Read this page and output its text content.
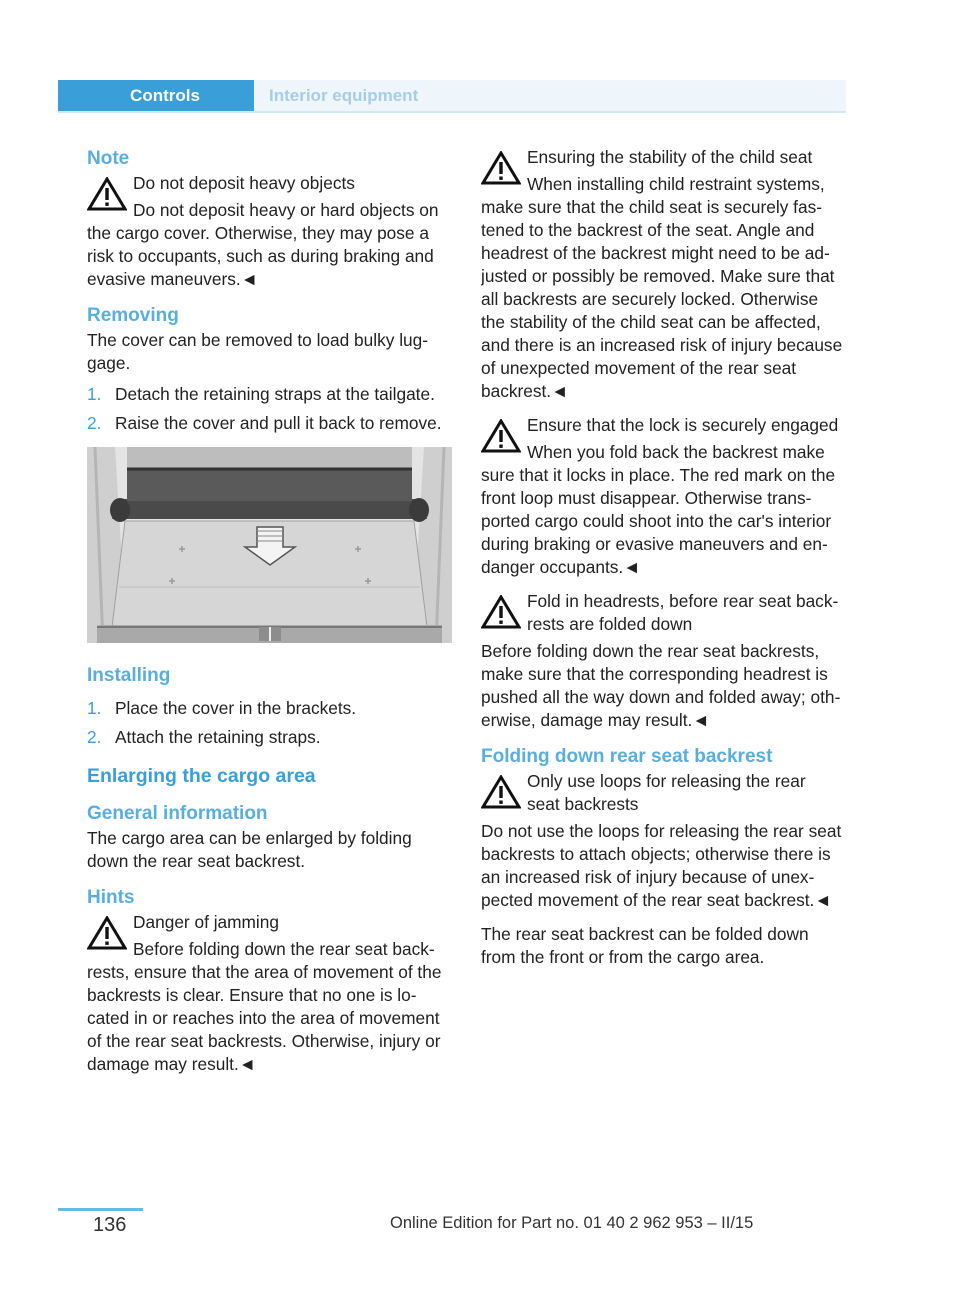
Controls	Interior equipment
Note

Do not deposit heavy objects

Do not deposit heavy or hard objects on the cargo cover. Otherwise, they may pose a risk to occupants, such as during braking and evasive maneuvers.◄

Removing

The cover can be removed to load bulky luggage.

1. Detach the retaining straps at the tailgate.
2. Raise the cover and pull it back to remove.
Installing
1. Place the cover in the brackets.
2. Attach the retaining straps.
Enlarging the cargo area
General information

The cargo area can be enlarged by folding down the rear seat backrest.

Hints

Danger of jamming

Before folding down the rear seat backrests, ensure that the area of movement of the backrests is clear. Ensure that no one is located in or reaches into the area of movement of the rear seat backrests. Otherwise, injury or damage may result.◄

Ensuring the stability of the child seat

When installing child restraint systems, make sure that the child seat is securely fastened to the backrest of the seat. Angle and headrest of the backrest might need to be adjusted or possibly be removed. Make sure that all backrests are securely locked. Otherwise the stability of the child seat can be affected, and there is an increased risk of injury because of unexpected movement of the rear seat backrest.◄

Ensure that the lock is securely engaged

When you fold back the backrest make sure that it locks in place. The red mark on the front loop must disappear. Otherwise transported cargo could shoot into the car's interior during braking or evasive maneuvers and endanger occupants.◄

Fold in headrests, before rear seat backrests are folded down

Before folding down the rear seat backrests, make sure that the corresponding headrest is pushed all the way down and folded away; otherwise, damage may result.◄

Folding down rear seat backrest

Only use loops for releasing the rear seat backrests

Do not use the loops for releasing the rear seat backrests to attach objects; otherwise there is an increased risk of injury because of unexpected movement of the rear seat backrest.◄

The rear seat backrest can be folded down from the front or from the cargo area.

136	Online Edition for Part no. 01 40 2 962 953 – II/15
